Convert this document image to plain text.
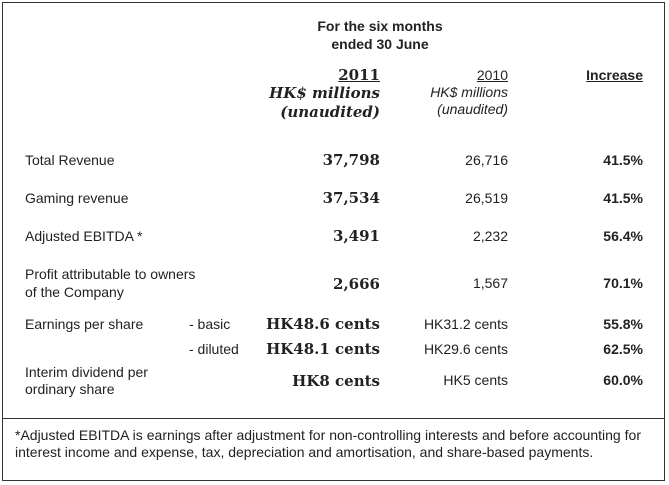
For the six months
ended 30 June
2011
HK$ millions
(unaudited)
2010
HK$ millions
(unaudited)
Increase
Total Revenue	37,798	26,716	41.5%
Gaming revenue	37,534	26,519	41.5%
Adjusted EBITDA *	3,491	2,232	56.4%
Profit attributable to owners
of the Company	2,666	1,567	70.1%
Earnings per share	- basic	HK48.6 cents	HK31.2 cents	55.8%
- diluted	HK48.1 cents	HK29.6 cents	62.5%
Interim dividend per
ordinary share	HK8 cents	HK5 cents	60.0%
*Adjusted EBITDA is earnings after adjustment for non-controlling interests and before accounting for interest income and expense, tax, depreciation and amortisation, and share-based payments.
